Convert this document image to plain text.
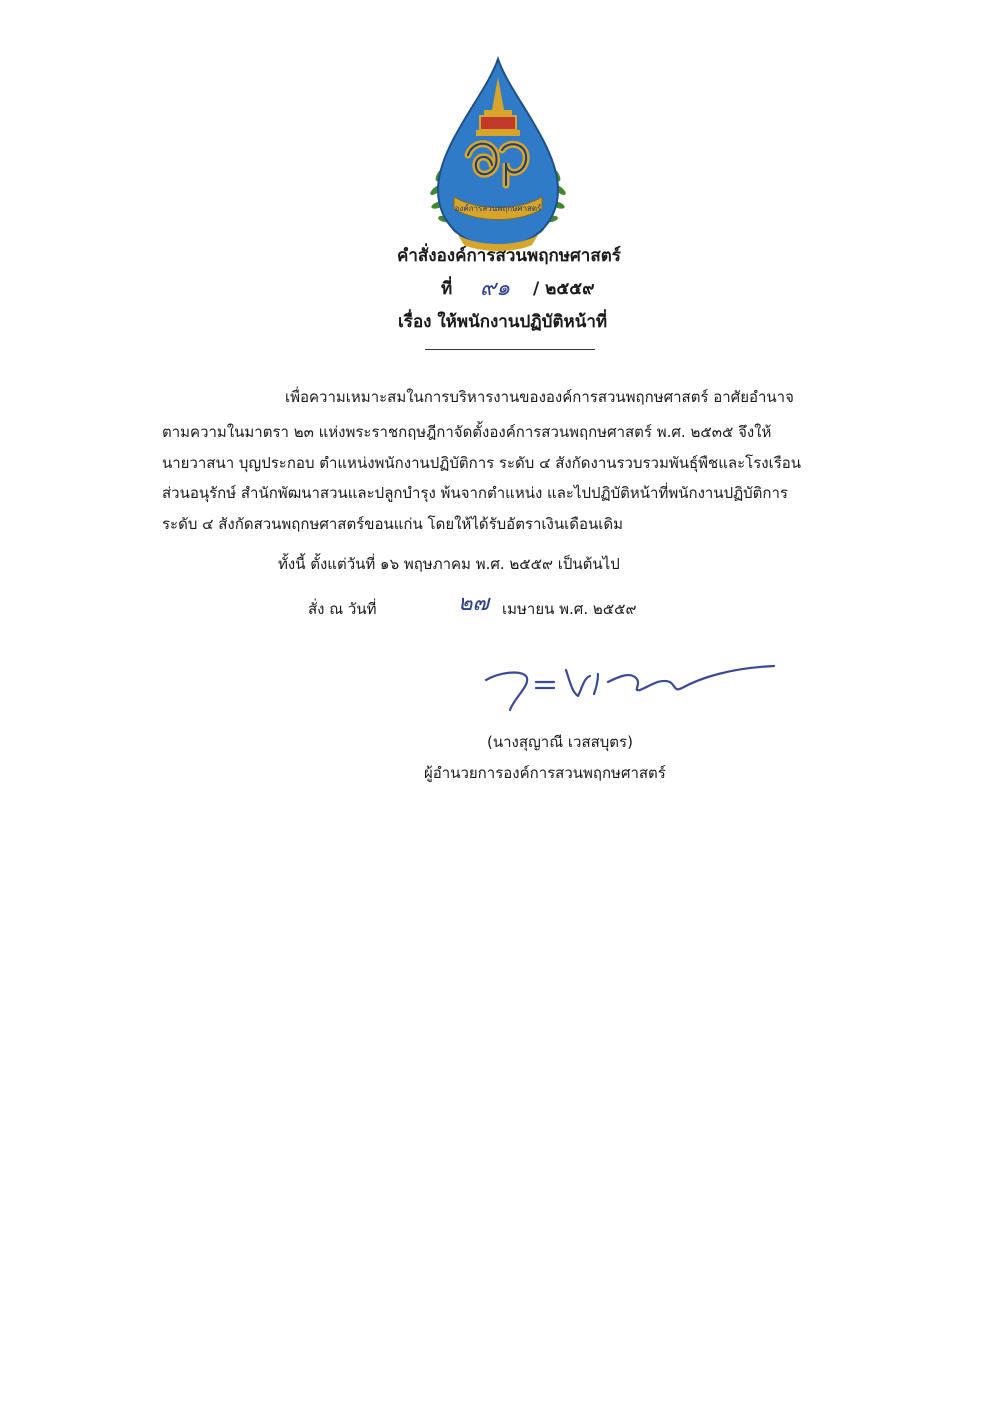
องค์การสวนพฤกษศาสตร์
คำสั่งองค์การสวนพฤกษศาสตร์
ที่ ๙๑ / ๒๕๕๙
เรื่อง ให้พนักงานปฏิบัติหน้าที่
เพื่อความเหมาะสมในการบริหารงานขององค์การสวนพฤกษศาสตร์ อาศัยอำนาจ
ตามความในมาตรา ๒๓ แห่งพระราชกฤษฎีกาจัดตั้งองค์การสวนพฤกษศาสตร์ พ.ศ. ๒๕๓๕ จึงให้
นายวาสนา บุญประกอบ ตำแหน่งพนักงานปฏิบัติการ ระดับ ๔ สังกัดงานรวบรวมพันธุ์พืชและโรงเรือน
ส่วนอนุรักษ์ สำนักพัฒนาสวนและปลูกบำรุง พ้นจากตำแหน่ง และไปปฏิบัติหน้าที่พนักงานปฏิบัติการ
ระดับ ๔ สังกัดสวนพฤกษศาสตร์ขอนแก่น โดยให้ได้รับอัตราเงินเดือนเดิม
ทั้งนี้ ตั้งแต่วันที่ ๑๖ พฤษภาคม พ.ศ. ๒๕๕๙ เป็นต้นไป
สั่ง ณ วันที่	๒๗ เมษายน พ.ศ. ๒๕๕๙
(นางสุญาณี เวสสบุตร)
ผู้อำนวยการองค์การสวนพฤกษศาสตร์
